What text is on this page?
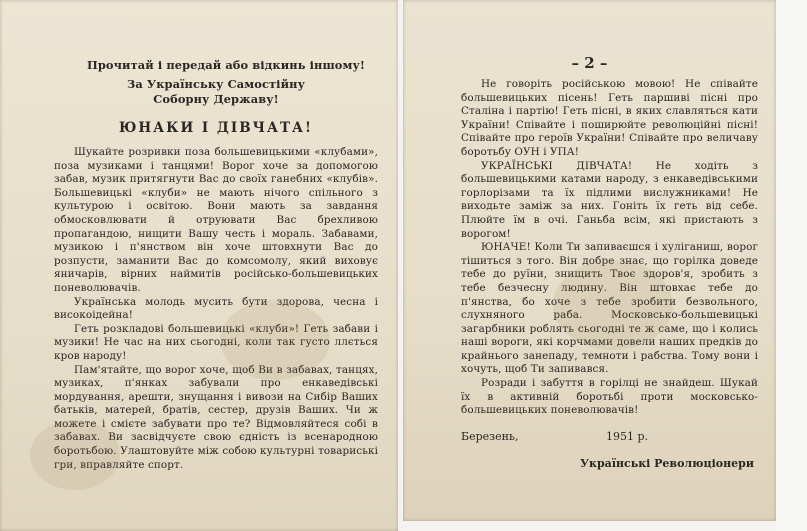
Прочитай і передай або відкинь іншому!

За Українську Самостійну

Соборну Державу!

ЮНАКИ І ДІВЧАТА!

Шукайте розривки поза большевицькими «клубами», поза музиками і танцями! Ворог хоче за допомогою забав, музик притягнути Вас до своїх ганебних «клубів». Большевицькі «клуби» не мають нічого спільного з культурою і освітою. Вони мають за завдання обмосковлювати й отруювати Вас брехливою пропагандою, нищити Вашу честь і мораль. Забавами, музикою і п'янством він хоче штовхнути Вас до розпусти, заманити Вас до комсомолу, який виховує яничарів, вірних наймитів російсько-большевицьких поневолювачів.

Українська молодь мусить бути здорова, чесна і високоідейна!

Геть розкладові большевицькі «клуби»! Геть забави і музики! Не час на них сьогодні, коли так густо ллється кров народу!

Пам'ятайте, що ворог хоче, щоб Ви в забавах, танцях, музиках, п'янках забували про енкаведівські мордування, арешти, знущання і вивози на Сибір Ваших батьків, матерей, братів, сестер, друзів Ваших. Чи ж можете і смієте забувати про те? Відмовляйтеся собі в забавах. Ви засвідчуєте свою єдність із всенародною боротьбою. Улаштовуйте між собою культурні товариські гри, вправляйте спорт.

– 2 –

Не говоріть російською мовою! Не співайте большевицьких пісень! Геть паршиві пісні про Сталіна і партію! Геть пісні, в яких славляться кати України! Співайте і поширюйте революційні пісні! Співайте про героїв України! Співайте про величаву боротьбу ОУН і УПА!

УКРАЇНСЬКІ ДІВЧАТА! Не ходіть з большевицькими катами народу, з енкаведівськими горлорізами та їх підлими вислужниками! Не виходьте заміж за них. Гоніть їх геть від себе. Плюйте їм в очі. Ганьба всім, які пристають з ворогом!

ЮНАЧЕ! Коли Ти запиваєшся і хуліганиш, ворог тішиться з того. Він добре знає, що горілка доведе тебе до руїни, знищить Твоє здоров'я, зробить з тебе безчесну людину. Він штовхає тебе до п'янства, бо хоче з тебе зробити безвольного, слухняного раба. Московсько-большевицькі загарбники роблять сьогодні те ж саме, що і колись наші вороги, які корчмами довели наших предків до крайнього занепаду, темноти і рабства. Тому вони і хочуть, щоб Ти запивався.

Розради і забуття в горілці не знайдеш. Шукай їх в активній боротьбі проти московсько-большевицьких поневолювачів!

Березень,	1951 р.
Українські Революціонери
